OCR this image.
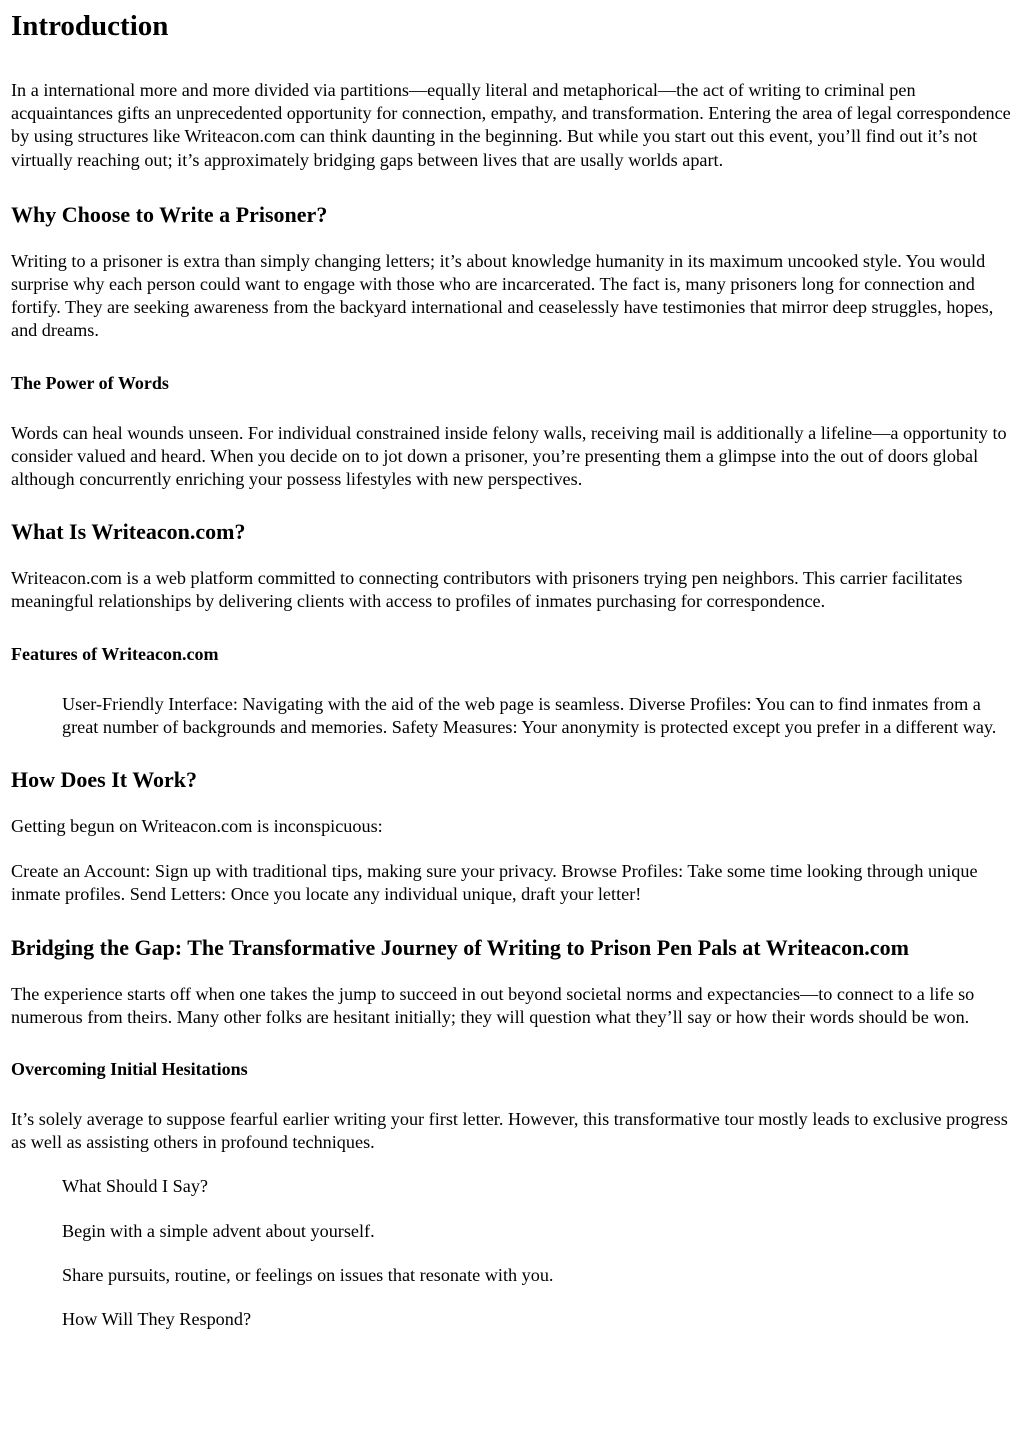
Introduction

In a international more and more divided via partitions—equally literal and metaphorical—the act of writing to criminal pen acquaintances gifts an unprecedented opportunity for connection, empathy, and transformation. Entering the area of legal correspondence by using structures like Writeacon.com can think daunting in the beginning. But while you start out this event, you’ll find out it’s not virtually reaching out; it’s approximately bridging gaps between lives that are usally worlds apart.

Why Choose to Write a Prisoner?

Writing to a prisoner is extra than simply changing letters; it’s about knowledge humanity in its maximum uncooked style. You would surprise why each person could want to engage with those who are incarcerated. The fact is, many prisoners long for connection and fortify. They are seeking awareness from the backyard international and ceaselessly have testimonies that mirror deep struggles, hopes, and dreams.

The Power of Words

Words can heal wounds unseen. For individual constrained inside felony walls, receiving mail is additionally a lifeline—a opportunity to consider valued and heard. When you decide on to jot down a prisoner, you’re presenting them a glimpse into the out of doors global although concurrently enriching your possess lifestyles with new perspectives.

What Is Writeacon.com?

Writeacon.com is a web platform committed to connecting contributors with prisoners trying pen neighbors. This carrier facilitates meaningful relationships by delivering clients with access to profiles of inmates purchasing for correspondence.

Features of Writeacon.com
User-Friendly Interface: Navigating with the aid of the web page is seamless. Diverse Profiles: You can to find inmates from a great number of backgrounds and memories. Safety Measures: Your anonymity is protected except you prefer in a different way.
How Does It Work?

Getting begun on Writeacon.com is inconspicuous:

Create an Account: Sign up with traditional tips, making sure your privacy. Browse Profiles: Take some time looking through unique inmate profiles. Send Letters: Once you locate any individual unique, draft your letter!

Bridging the Gap: The Transformative Journey of Writing to Prison Pen Pals at Writeacon.com

The experience starts off when one takes the jump to succeed in out beyond societal norms and expectancies—to connect to a life so numerous from theirs. Many other folks are hesitant initially; they will question what they’ll say or how their words should be won.

Overcoming Initial Hesitations

It’s solely average to suppose fearful earlier writing your first letter. However, this transformative tour mostly leads to exclusive progress as well as assisting others in profound techniques.

What Should I Say?
Begin with a simple advent about yourself.
Share pursuits, routine, or feelings on issues that resonate with you.
How Will They Respond?
